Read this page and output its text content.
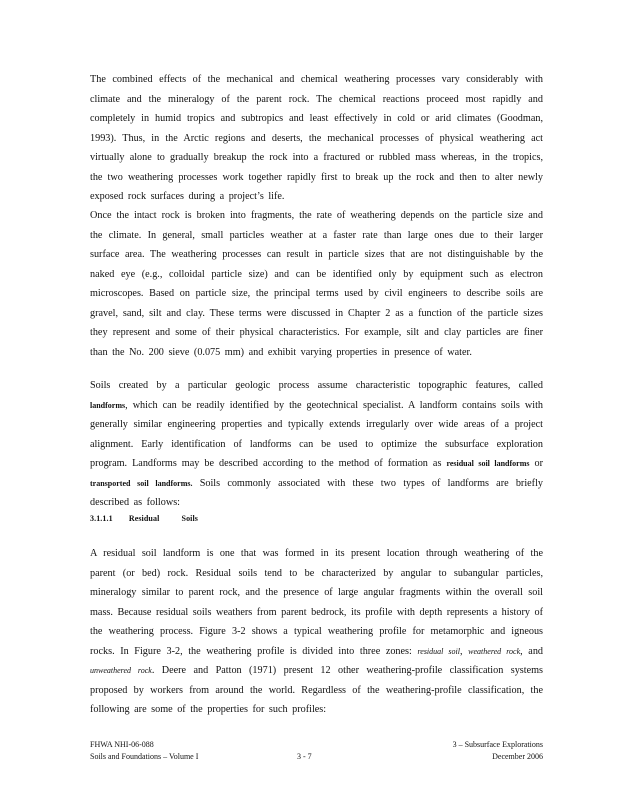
The combined effects of the mechanical and chemical weathering processes vary considerably with climate and the mineralogy of the parent rock. The chemical reactions proceed most rapidly and completely in humid tropics and subtropics and least effectively in cold or arid climates (Goodman, 1993). Thus, in the Arctic regions and deserts, the mechanical processes of physical weathering act virtually alone to gradually breakup the rock into a fractured or rubbled mass whereas, in the tropics, the two weathering processes work together rapidly first to break up the rock and then to alter newly exposed rock surfaces during a project’s life.

Once the intact rock is broken into fragments, the rate of weathering depends on the particle size and the climate. In general, small particles weather at a faster rate than large ones due to their larger surface area. The weathering processes can result in particle sizes that are not distinguishable by the naked eye (e.g., colloidal particle size) and can be identified only by equipment such as electron microscopes. Based on particle size, the principal terms used by civil engineers to describe soils are gravel, sand, silt and clay. These terms were discussed in Chapter 2 as a function of the particle sizes they represent and some of their physical characteristics. For example, silt and clay particles are finer than the No. 200 sieve (0.075 mm) and exhibit varying properties in presence of water.

Soils created by a particular geologic process assume characteristic topographic features, called landforms, which can be readily identified by the geotechnical specialist. A landform contains soils with generally similar engineering properties and typically extends irregularly over wide areas of a project alignment. Early identification of landforms can be used to optimize the subsurface exploration program. Landforms may be described according to the method of formation as residual soil landforms or transported soil landforms. Soils commonly associated with these two types of landforms are briefly described as follows:

3.1.1.1 Residual	Soils

A residual soil landform is one that was formed in its present location through weathering of the parent (or bed) rock. Residual soils tend to be characterized by angular to subangular particles, mineralogy similar to parent rock, and the presence of large angular fragments within the overall soil mass. Because residual soils weathers from parent bedrock, its profile with depth represents a history of the weathering process. Figure 3-2 shows a typical weathering profile for metamorphic and igneous rocks. In Figure 3-2, the weathering profile is divided into three zones: residual soil, weathered rock, and unweathered rock. Deere and Patton (1971) present 12 other weathering-profile classification systems proposed by workers from around the world. Regardless of the weathering-profile classification, the following are some of the properties for such profiles:

FHWA NHI-06-088
Soils and Foundations – Volume I	3 - 7
3 – Subsurface Explorations
December 2006
